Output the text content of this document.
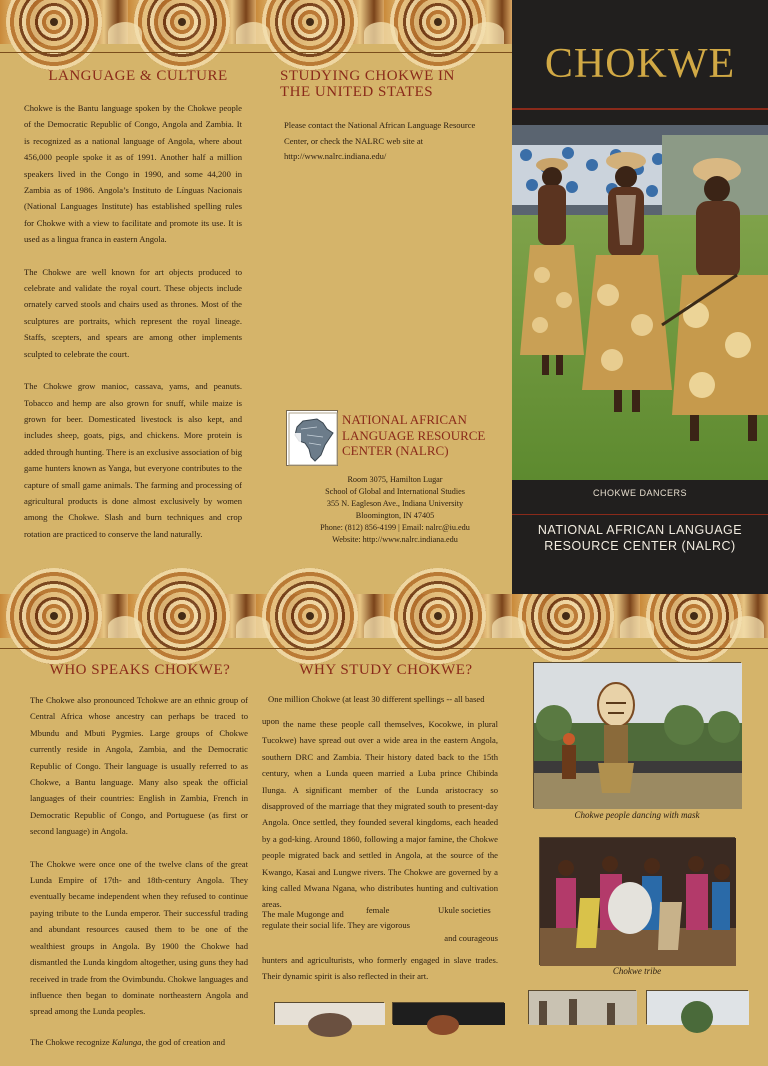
LANGUAGE & CULTURE

Chokwe is the Bantu language spoken by the Chokwe people of the Democratic Republic of Congo, Angola and Zambia. It is recognized as a national language of Angola, where about 456,000 people spoke it as of 1991. Another half a million speakers lived in the Congo in 1990, and some 44,200 in Zambia as of 1986. Angola’s Instituto de Línguas Nacionais (National Languages Institute) has established spelling rules for Chokwe with a view to facilitate and promote its use. It is used as a lingua franca in eastern Angola.

The Chokwe are well known for art objects produced to celebrate and validate the royal court. These objects include ornately carved stools and chairs used as thrones. Most of the sculptures are portraits, which represent the royal lineage. Staffs, scepters, and spears are among other implements sculpted to celebrate the court.

The Chokwe grow manioc, cassava, yams, and peanuts. Tobacco and hemp are also grown for snuff, while maize is grown for beer. Domesticated livestock is also kept, and includes sheep, goats, pigs, and chickens. More protein is added through hunting. There is an exclusive association of big game hunters known as Yanga, but everyone contributes to the capture of small game animals. The farming and processing of agricultural products is done almost exclusively by women among the Chokwe. Slash and burn techniques and crop rotation are practiced to conserve the land naturally.

STUDYING CHOKWE IN
THE UNITED STATES
Please contact the National African Language Resource Center, or check the NALRC web site at http://www.nalrc.indiana.edu/
NATIONAL AFRICAN
LANGUAGE RESOURCE
CENTER (NALRC)
Room 3075, Hamilton Lugar
School of Global and International Studies
355 N. Eagleson Ave., Indiana University
Bloomington, IN 47405
Phone: (812) 856-4199 | Email: nalrc@iu.edu
Website: http://www.nalrc.indiana.edu
CHOKWE
CHOKWE DANCERS
NATIONAL AFRICAN LANGUAGE
RESOURCE CENTER (NALRC)
WHO SPEAKS CHOKWE?

The Chokwe also pronounced Tchokwe are an ethnic group of Central Africa whose ancestry can perhaps be traced to Mbundu and Mbuti Pygmies. Large groups of Chokwe currently reside in Angola, Zambia, and the Democratic Republic of Congo. Their language is usually referred to as Chokwe, a Bantu language. Many also speak the official languages of their countries: English in Zambia, French in Democratic Republic of Congo, and Portuguese (as first or second language) in Angola.

The Chokwe were once one of the twelve clans of the great Lunda Empire of 17th- and 18th-century Angola. They eventually became independent when they refused to continue paying tribute to the Lunda emperor. Their successful trading and abundant resources caused them to be one of the wealthiest groups in Angola. By 1900 the Chokwe had dismantled the Lunda kingdom altogether, using guns they had received in trade from the Ovimbundu. Chokwe languages and influence then began to dominate northeastern Angola and spread among the Lunda peoples.

The Chokwe recognize Kalunga, the god of creation and

WHY STUDY CHOKWE?
One million Chokwe (at least 30 different spellings -- all based
upon the name these people call themselves, Kocokwe, in plural Tucokwe) have spread out over a wide area in the eastern Angola, southern DRC and Zambia. Their history dated back to the 15th century, when a Lunda queen married a Luba prince Chibinda Ilunga. A significant member of the Lunda aristocracy so disapproved of the marriage that they migrated south to present-day Angola. Once settled, they founded several kingdoms, each headed by a god-king. Around 1860, following a major famine, the Chokwe people migrated back and settled in Angola, at the source of the Kwango, Kasai and Lungwe rivers. The Chokwe are governed by a king called Mwana Ngana, who distributes hunting and cultivation areas.
The male Mugonge and	female	Ukule societies
regulate their social life. They are vigorous
and courageous
hunters and agriculturists, who formerly engaged in slave trades. Their dynamic spirit is also reflected in their art.
Chokwe people dancing with mask
Chokwe tribe
